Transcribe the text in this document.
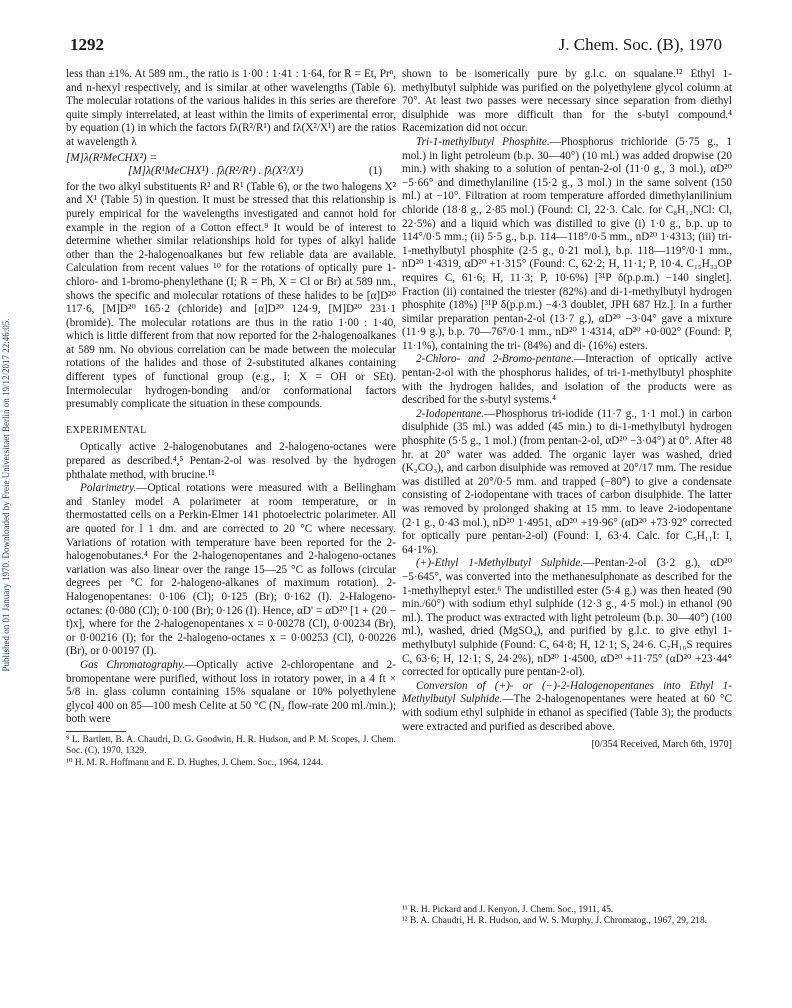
1292	J. Chem. Soc. (B), 1970
Published on 01 January 1970. Downloaded by Freie Universitaet Berlin on 19/12/2017 22:46:05.

less than ±1%. At 589 nm., the ratio is 1·00 : 1·41 : 1·64, for R = Et, Prⁿ, and n-hexyl respectively, and is similar at other wavelengths (Table 6). The molecular rotations of the various halides in this series are therefore quite simply interrelated, at least within the limits of experimental error, by equation (1) in which the factors fλ(R²/R¹) and fλ(X²/X¹) are the ratios at wavelength λ

[M]λ(R²MeCHX²) =
[M]λ(R¹MeCHX¹) . fλ(R²/R¹) . fλ(X²/X¹)	(1)

for the two alkyl substituents R² and R¹ (Table 6), or the two halogens X² and X¹ (Table 5) in question. It must be stressed that this relationship is purely empirical for the wavelengths investigated and cannot hold for example in the region of a Cotton effect.⁹ It would be of interest to determine whether similar relationships hold for types of alkyl halide other than the 2-halogenoalkanes but few reliable data are available. Calculation from recent values ¹⁰ for the rotations of optically pure 1-chloro- and 1-bromo-phenylethane (I; R = Ph, X = Cl or Br) at 589 nm., shows the specific and molecular rotations of these halides to be [α]D²⁰ 117·6, [M]D²⁰ 165·2 (chloride) and [α]D²⁰ 124·9, [M]D²⁰ 231·1 (bromide). The molecular rotations are thus in the ratio 1·00 : 1·40, which is little different from that now reported for the 2-halogenoalkanes at 589 nm. No obvious correlation can be made between the molecular rotations of the halides and those of 2-substituted alkanes containing different types of functional group (e.g., I; X = OH or SEt). Intermolecular hydrogen-bonding and/or conformational factors presumably complicate the situation in these compounds.

EXPERIMENTAL

Optically active 2-halogenobutanes and 2-halogeno-octanes were prepared as described.⁴,⁵ Pentan-2-ol was resolved by the hydrogen phthalate method, with brucine.¹¹

Polarimetry.—Optical rotations were measured with a Bellingham and Stanley model A polarimeter at room temperature, or in thermostatted cells on a Perkin-Elmer 141 photoelectric polarimeter. All are quoted for l 1 dm. and are corrected to 20 °C where necessary. Variations of rotation with temperature have been reported for the 2-halogenobutanes.⁴ For the 2-halogenopentanes and 2-halogeno-octanes variation was also linear over the range 15—25 °C as follows (circular degrees per °C for 2-halogeno-alkanes of maximum rotation). 2-Halogenopentanes: 0·106 (Cl); 0·125 (Br); 0·162 (I). 2-Halogeno-octanes: (0·080 (Cl); 0·100 (Br); 0·126 (I). Hence, αD' = αD²⁰ [1 + (20 − t)x], where for the 2-halogenopentanes x = 0·00278 (Cl), 0·00234 (Br), or 0·00216 (I); for the 2-halogeno-octanes x = 0·00253 (Cl), 0·00226 (Br), or 0·00197 (I).

Gas Chromatography.—Optically active 2-chloropentane and 2-bromopentane were purified, without loss in rotatory power, in a 4 ft × 5/8 in. glass column containing 15% squalane or 10% polyethylene glycol 400 on 85—100 mesh Celite at 50 °C (N₂ flow-rate 200 ml./min.); both were

⁹ L. Bartlett, B. A. Chaudri, D. G. Goodwin, H. R. Hudson, and P. M. Scopes, J. Chem. Soc. (C), 1970, 1329.

¹⁰ H. M. R. Hoffmann and E. D. Hughes, J. Chem. Soc., 1964, 1244.

shown to be isomerically pure by g.l.c. on squalane.¹² Ethyl 1-methylbutyl sulphide was purified on the polyethylene glycol column at 70°. At least two passes were necessary since separation from diethyl disulphide was more difficult than for the s-butyl compound.⁴ Racemization did not occur.

Tri-1-methylbutyl Phosphite.—Phosphorus trichloride (5·75 g., 1 mol.) in light petroleum (b.p. 30—40°) (10 ml.) was added dropwise (20 min.) with shaking to a solution of pentan-2-ol (11·0 g., 3 mol.), αD²⁰ −5·66° and dimethylaniline (15·2 g., 3 mol.) in the same solvent (150 ml.) at −10°. Filtration at room temperature afforded dimethylanilinium chloride (18·8 g., 2·85 mol.) (Found: Cl, 22·3. Calc. for C₈H₁₂NCl: Cl, 22·5%) and a liquid which was distilled to give (i) 1·0 g., b.p. up to 114°/0·5 mm.; (ii) 5·5 g., b.p. 114—118°/0·5 mm., nD²⁰ 1·4313; (iii) tri-1-methylbutyl phosphite (2·5 g., 0·21 mol.), b.p. 118—119°/0·1 mm., nD²⁰ 1·4319, αD²⁰ +1·315° (Found: C, 62·2; H, 11·1; P, 10·4. C₁₅H₃₃OP requires C, 61·6; H, 11·3; P, 10·6%) [³¹P δ(p.p.m.) −140 singlet]. Fraction (ii) contained the triester (82%) and di-1-methylbutyl hydrogen phosphite (18%) [³¹P δ(p.p.m.) −4·3 doublet, JPH 687 Hz.]. In a further similar preparation pentan-2-ol (13·7 g.), αD²⁰ −3·04° gave a mixture (11·9 g.), b.p. 70—76°/0·1 mm., nD²⁰ 1·4314, αD²⁰ +0·002° (Found: P, 11·1%), containing the tri- (84%) and di- (16%) esters.

2-Chloro- and 2-Bromo-pentane.—Interaction of optically active pentan-2-ol with the phosphorus halides, of tri-1-methylbutyl phosphite with the hydrogen halides, and isolation of the products were as described for the s-butyl systems.⁴

2-Iodopentane.—Phosphorus tri-iodide (11·7 g., 1·1 mol.) in carbon disulphide (35 ml.) was added (45 min.) to di-1-methylbutyl hydrogen phosphite (5·5 g., 1 mol.) (from pentan-2-ol, αD²⁰ −3·04°) at 0°. After 48 hr. at 20° water was added. The organic layer was washed, dried (K₂CO₃), and carbon disulphide was removed at 20°/17 mm. The residue was distilled at 20°/0·5 mm. and trapped (−80°) to give a condensate consisting of 2-iodopentane with traces of carbon disulphide. The latter was removed by prolonged shaking at 15 mm. to leave 2-iodopentane (2·1 g., 0·43 mol.), nD²⁰ 1·4951, αD²⁰ +19·96° (αD²⁰ +73·92° corrected for optically pure pentan-2-ol) (Found: I, 63·4. Calc. for C₅H₁₁I: I, 64·1%).

(+)-Ethyl 1-Methylbutyl Sulphide.—Pentan-2-ol (3·2 g.), αD²⁰ −5·645°, was converted into the methanesulphonate as described for the 1-methylheptyl ester.⁶ The undistilled ester (5·4 g.) was then heated (90 min./60°) with sodium ethyl sulphide (12·3 g., 4·5 mol.) in ethanol (90 ml.). The product was extracted with light petroleum (b.p. 30—40°) (100 ml.), washed, dried (MgSO₄), and purified by g.l.c. to give ethyl 1-methylbutyl sulphide (Found: C, 64·8; H, 12·1; S, 24·6. C₇H₁₆S requires C, 63·6; H, 12·1; S, 24·2%), nD²⁰ 1·4500, αD²⁰ +11·75° (αD²⁰ +23·44° corrected for optically pure pentan-2-ol).

Conversion of (+)- or (−)-2-Halogenopentanes into Ethyl 1-Methylbutyl Sulphide.—The 2-halogenopentanes were heated at 60 °C with sodium ethyl sulphide in ethanol as specified (Table 3); the products were extracted and purified as described above.

[0/354 Received, March 6th, 1970]

¹¹ R. H. Pickard and J. Kenyon, J. Chem. Soc., 1911, 45.

¹² B. A. Chaudri, H. R. Hudson, and W. S. Murphy, J. Chromatog., 1967, 29, 218.
